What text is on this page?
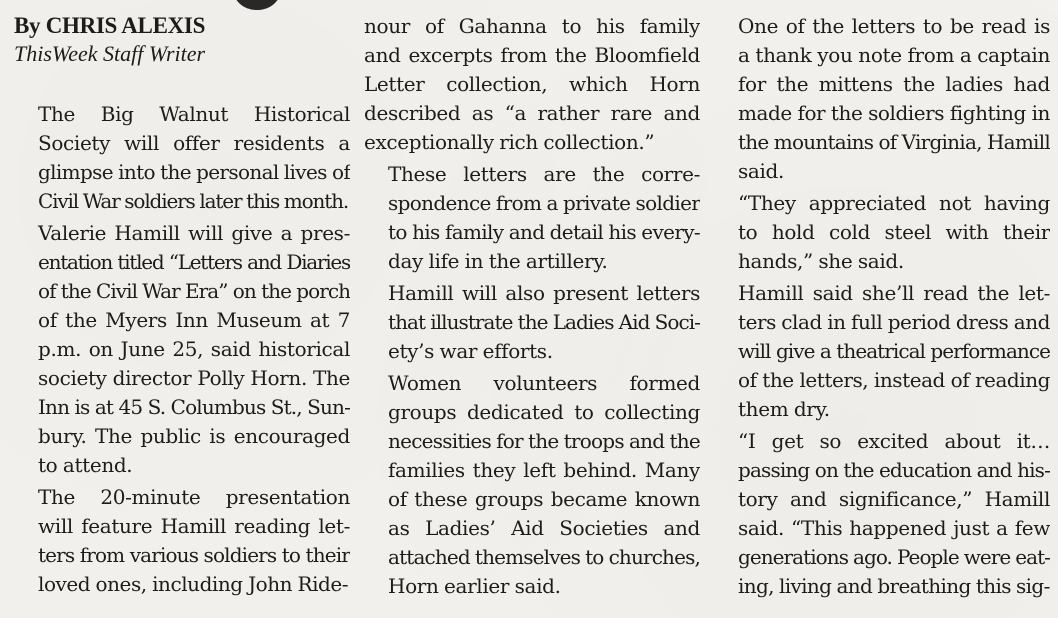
By CHRIS ALEXIS

ThisWeek Staff Writer

The Big Walnut Historical
Society will offer residents a
glimpse into the personal lives of
Civil War soldiers later this month.

Valerie Hamill will give a pres-
entation titled “Letters and Diaries
of the Civil War Era” on the porch
of the Myers Inn Museum at 7
p.m. on June 25, said historical
society director Polly Horn. The
Inn is at 45 S. Columbus St., Sun-
bury. The public is encouraged
to attend.

The 20-minute presentation
will feature Hamill reading let-
ters from various soldiers to their
loved ones, including John Ride-

nour of Gahanna to his family
and excerpts from the Bloomfield
Letter collection, which Horn
described as “a rather rare and
exceptionally rich collection.”

These letters are the corre-
spondence from a private soldier
to his family and detail his every-
day life in the artillery.

Hamill will also present letters
that illustrate the Ladies Aid Soci-
ety’s war efforts.

Women volunteers formed
groups dedicated to collecting
necessities for the troops and the
families they left behind. Many
of these groups became known
as Ladies’ Aid Societies and
attached themselves to churches,
Horn earlier said.

One of the letters to be read is
a thank you note from a captain
for the mittens the ladies had
made for the soldiers fighting in
the mountains of Virginia, Hamill
said.

“They appreciated not having
to hold cold steel with their
hands,” she said.

Hamill said she’ll read the let-
ters clad in full period dress and
will give a theatrical performance
of the letters, instead of reading
them dry.

“I get so excited about it…
passing on the education and his-
tory and significance,” Hamill
said. “This happened just a few
generations ago. People were eat-
ing, living and breathing this sig-
